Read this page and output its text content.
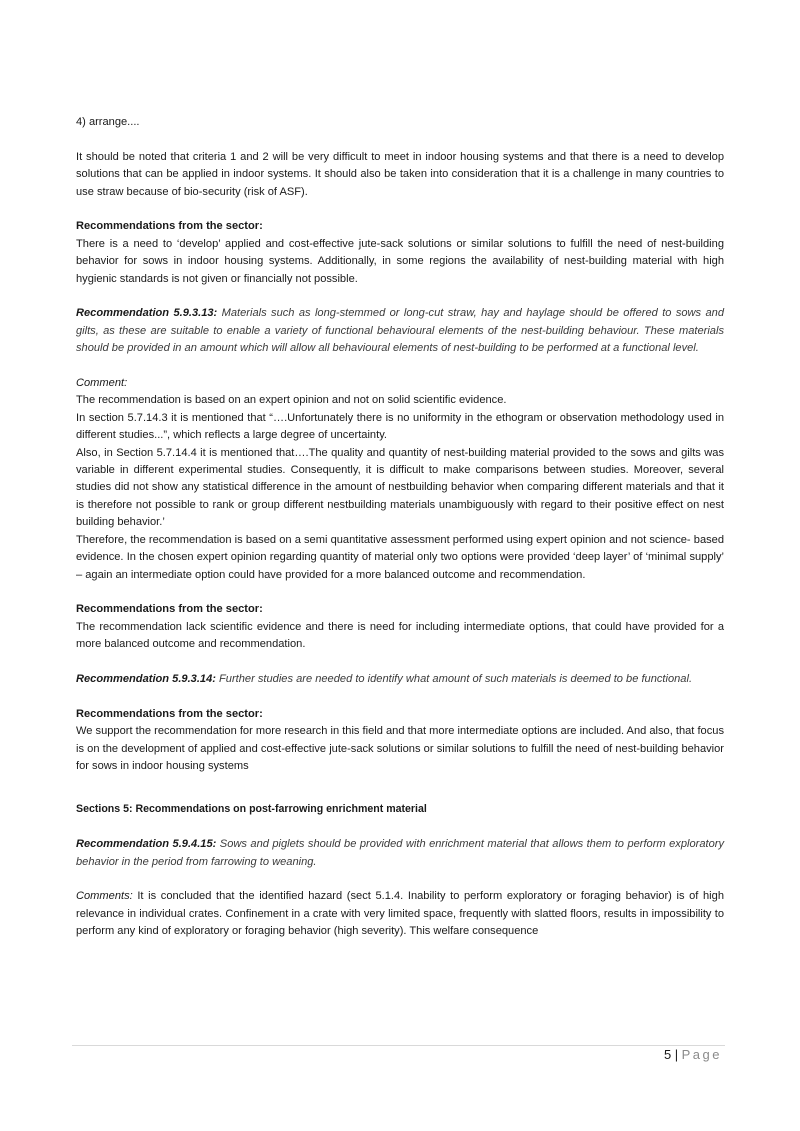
4) arrange....

It should be noted that criteria 1 and 2 will be very difficult to meet in indoor housing systems and that there is a need to develop solutions that can be applied in indoor systems. It should also be taken into consideration that it is a challenge in many countries to use straw because of bio-security (risk of ASF).

Recommendations from the sector:

There is a need to ‘develop’ applied and cost-effective jute-sack solutions or similar solutions to fulfill the need of nest-building behavior for sows in indoor housing systems. Additionally, in some regions the availability of nest-building material with high hygienic standards is not given or financially not possible.

Recommendation 5.9.3.13: Materials such as long-stemmed or long-cut straw, hay and haylage should be offered to sows and gilts, as these are suitable to enable a variety of functional behavioural elements of the nest-building behaviour. These materials should be provided in an amount which will allow all behavioural elements of nest-building to be performed at a functional level.

Comment:

The recommendation is based on an expert opinion and not on solid scientific evidence.

In section 5.7.14.3 it is mentioned that “….Unfortunately there is no uniformity in the ethogram or observation methodology used in different studies...”, which reflects a large degree of uncertainty.

Also, in Section 5.7.14.4 it is mentioned that….The quality and quantity of nest-building material provided to the sows and gilts was variable in different experimental studies. Consequently, it is difficult to make comparisons between studies. Moreover, several studies did not show any statistical difference in the amount of nestbuilding behavior when comparing different materials and that it is therefore not possible to rank or group different nestbuilding materials unambiguously with regard to their positive effect on nest building behavior.’

Therefore, the recommendation is based on a semi quantitative assessment performed using expert opinion and not science- based evidence. In the chosen expert opinion regarding quantity of material only two options were provided ‘deep layer’ of ‘minimal supply’ – again an intermediate option could have provided for a more balanced outcome and recommendation.

Recommendations from the sector:

The recommendation lack scientific evidence and there is need for including intermediate options, that could have provided for a more balanced outcome and recommendation.

Recommendation 5.9.3.14: Further studies are needed to identify what amount of such materials is deemed to be functional.

Recommendations from the sector:

We support the recommendation for more research in this field and that more intermediate options are included. And also, that focus is on the development of applied and cost-effective jute-sack solutions or similar solutions to fulfill the need of nest-building behavior for sows in indoor housing systems

Sections 5: Recommendations on post-farrowing enrichment material

Recommendation 5.9.4.15: Sows and piglets should be provided with enrichment material that allows them to perform exploratory behavior in the period from farrowing to weaning.

Comments: It is concluded that the identified hazard (sect 5.1.4. Inability to perform exploratory or foraging behavior) is of high relevance in individual crates. Confinement in a crate with very limited space, frequently with slatted floors, results in impossibility to perform any kind of exploratory or foraging behavior (high severity). This welfare consequence

5 | Page
